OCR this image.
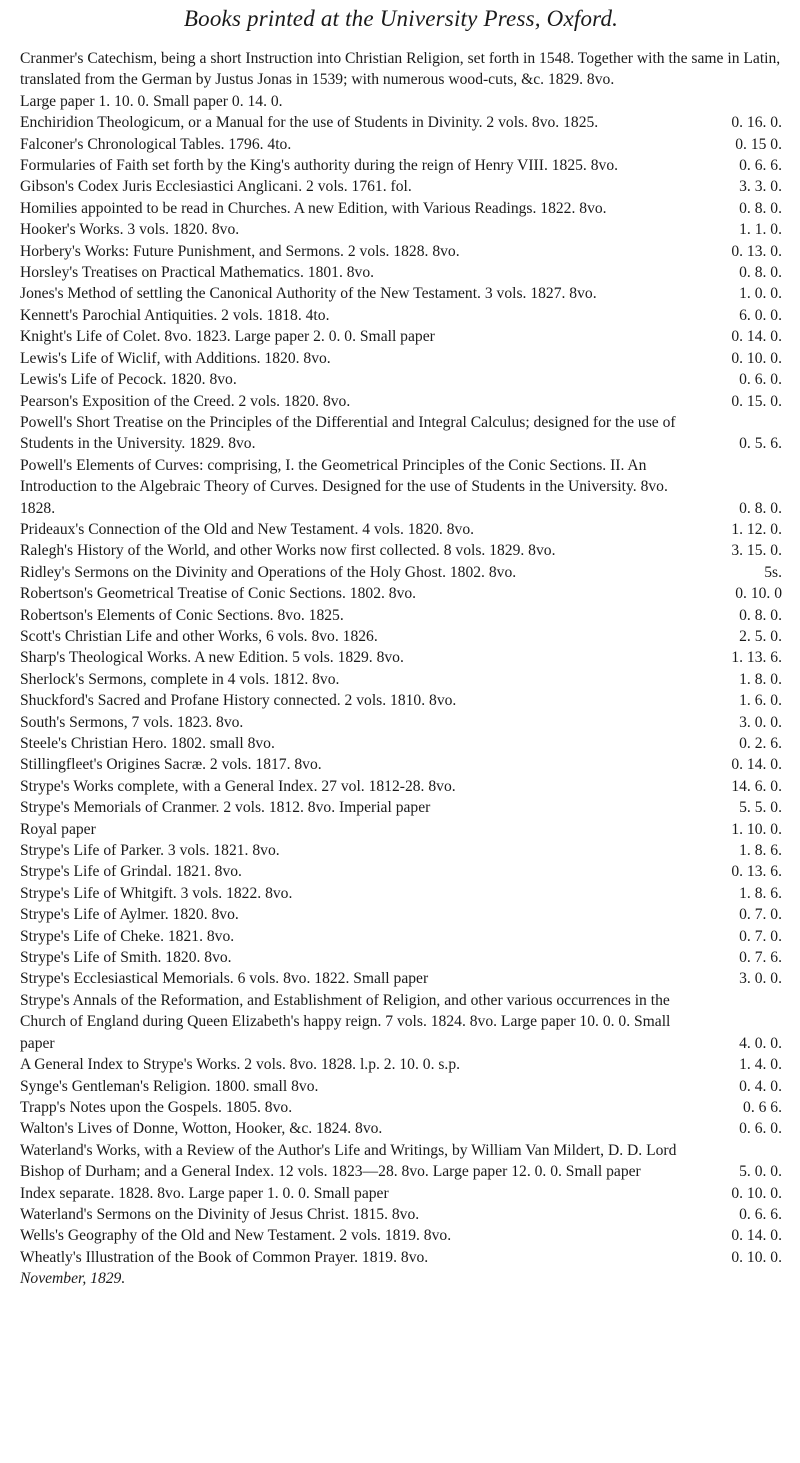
Books printed at the University Press, Oxford.
Cranmer's Catechism, being a short Instruction into Christian Religion, set forth in 1548. Together with the same in Latin, translated from the German by Justus Jonas in 1539; with numerous wood-cuts, &c. 1829. 8vo.
Large paper 1. 10. 0. Small paper 0. 14. 0.
Enchiridion Theologicum, or a Manual for the use of Students in Divinity. 2 vols. 8vo. 1825.	0. 16. 0.
Falconer's Chronological Tables. 1796. 4to.	0. 15 0.
Formularies of Faith set forth by the King's authority during the reign of Henry VIII. 1825. 8vo.	0. 6. 6.
Gibson's Codex Juris Ecclesiastici Anglicani. 2 vols. 1761. fol.	3. 3. 0.
Homilies appointed to be read in Churches. A new Edition, with Various Readings. 1822. 8vo.	0. 8. 0.
Hooker's Works. 3 vols. 1820. 8vo.	1. 1. 0.
Horbery's Works: Future Punishment, and Sermons. 2 vols. 1828. 8vo.	0. 13. 0.
Horsley's Treatises on Practical Mathematics. 1801. 8vo.	0. 8. 0.
Jones's Method of settling the Canonical Authority of the New Testament. 3 vols. 1827. 8vo.	1. 0. 0.
Kennett's Parochial Antiquities. 2 vols. 1818. 4to.	6. 0. 0.
Knight's Life of Colet. 8vo. 1823. Large paper 2. 0. 0. Small paper	0. 14. 0.
Lewis's Life of Wiclif, with Additions. 1820. 8vo.	0. 10. 0.
Lewis's Life of Pecock. 1820. 8vo.	0. 6. 0.
Pearson's Exposition of the Creed. 2 vols. 1820. 8vo.	0. 15. 0.
Powell's Short Treatise on the Principles of the Differential and Integral Calculus; designed for the use of Students in the University. 1829. 8vo.	0. 5. 6.
Powell's Elements of Curves: comprising, I. the Geometrical Principles of the Conic Sections. II. An Introduction to the Algebraic Theory of Curves. Designed for the use of Students in the University. 8vo. 1828.	0. 8. 0.
Prideaux's Connection of the Old and New Testament. 4 vols. 1820. 8vo.	1. 12. 0.
Ralegh's History of the World, and other Works now first collected. 8 vols. 1829. 8vo.	3. 15. 0.
Ridley's Sermons on the Divinity and Operations of the Holy Ghost. 1802. 8vo.	5s.
Robertson's Geometrical Treatise of Conic Sections. 1802. 8vo.	0. 10. 0
Robertson's Elements of Conic Sections. 8vo. 1825.	0. 8. 0.
Scott's Christian Life and other Works, 6 vols. 8vo. 1826.	2. 5. 0.
Sharp's Theological Works. A new Edition. 5 vols. 1829. 8vo.	1. 13. 6.
Sherlock's Sermons, complete in 4 vols. 1812. 8vo.	1. 8. 0.
Shuckford's Sacred and Profane History connected. 2 vols. 1810. 8vo.	1. 6. 0.
South's Sermons, 7 vols. 1823. 8vo.	3. 0. 0.
Steele's Christian Hero. 1802. small 8vo.	0. 2. 6.
Stillingfleet's Origines Sacræ. 2 vols. 1817. 8vo.	0. 14. 0.
Strype's Works complete, with a General Index. 27 vol. 1812-28. 8vo.	14. 6. 0.
Strype's Memorials of Cranmer. 2 vols. 1812. 8vo. Imperial paper	5. 5. 0.
Royal paper	1. 10. 0.
Strype's Life of Parker. 3 vols. 1821. 8vo.	1. 8. 6.
Strype's Life of Grindal. 1821. 8vo.	0. 13. 6.
Strype's Life of Whitgift. 3 vols. 1822. 8vo.	1. 8. 6.
Strype's Life of Aylmer. 1820. 8vo.	0. 7. 0.
Strype's Life of Cheke. 1821. 8vo.	0. 7. 0.
Strype's Life of Smith. 1820. 8vo.	0. 7. 6.
Strype's Ecclesiastical Memorials. 6 vols. 8vo. 1822. Small paper	3. 0. 0.
Strype's Annals of the Reformation, and Establishment of Religion, and other various occurrences in the Church of England during Queen Elizabeth's happy reign. 7 vols. 1824. 8vo. Large paper 10. 0. 0. Small paper	4. 0. 0.
A General Index to Strype's Works. 2 vols. 8vo. 1828. l.p. 2. 10. 0. s.p.	1. 4. 0.
Synge's Gentleman's Religion. 1800. small 8vo.	0. 4. 0.
Trapp's Notes upon the Gospels. 1805. 8vo.	0. 6 6.
Walton's Lives of Donne, Wotton, Hooker, &c. 1824. 8vo.	0. 6. 0.
Waterland's Works, with a Review of the Author's Life and Writings, by William Van Mildert, D. D. Lord Bishop of Durham; and a General Index. 12 vols. 1823—28. 8vo. Large paper 12. 0. 0. Small paper	5. 0. 0.
Index separate. 1828. 8vo. Large paper 1. 0. 0. Small paper	0. 10. 0.
Waterland's Sermons on the Divinity of Jesus Christ. 1815. 8vo.	0. 6. 6.
Wells's Geography of the Old and New Testament. 2 vols. 1819. 8vo.	0. 14. 0.
Wheatly's Illustration of the Book of Common Prayer. 1819. 8vo.	0. 10. 0.
November, 1829.
